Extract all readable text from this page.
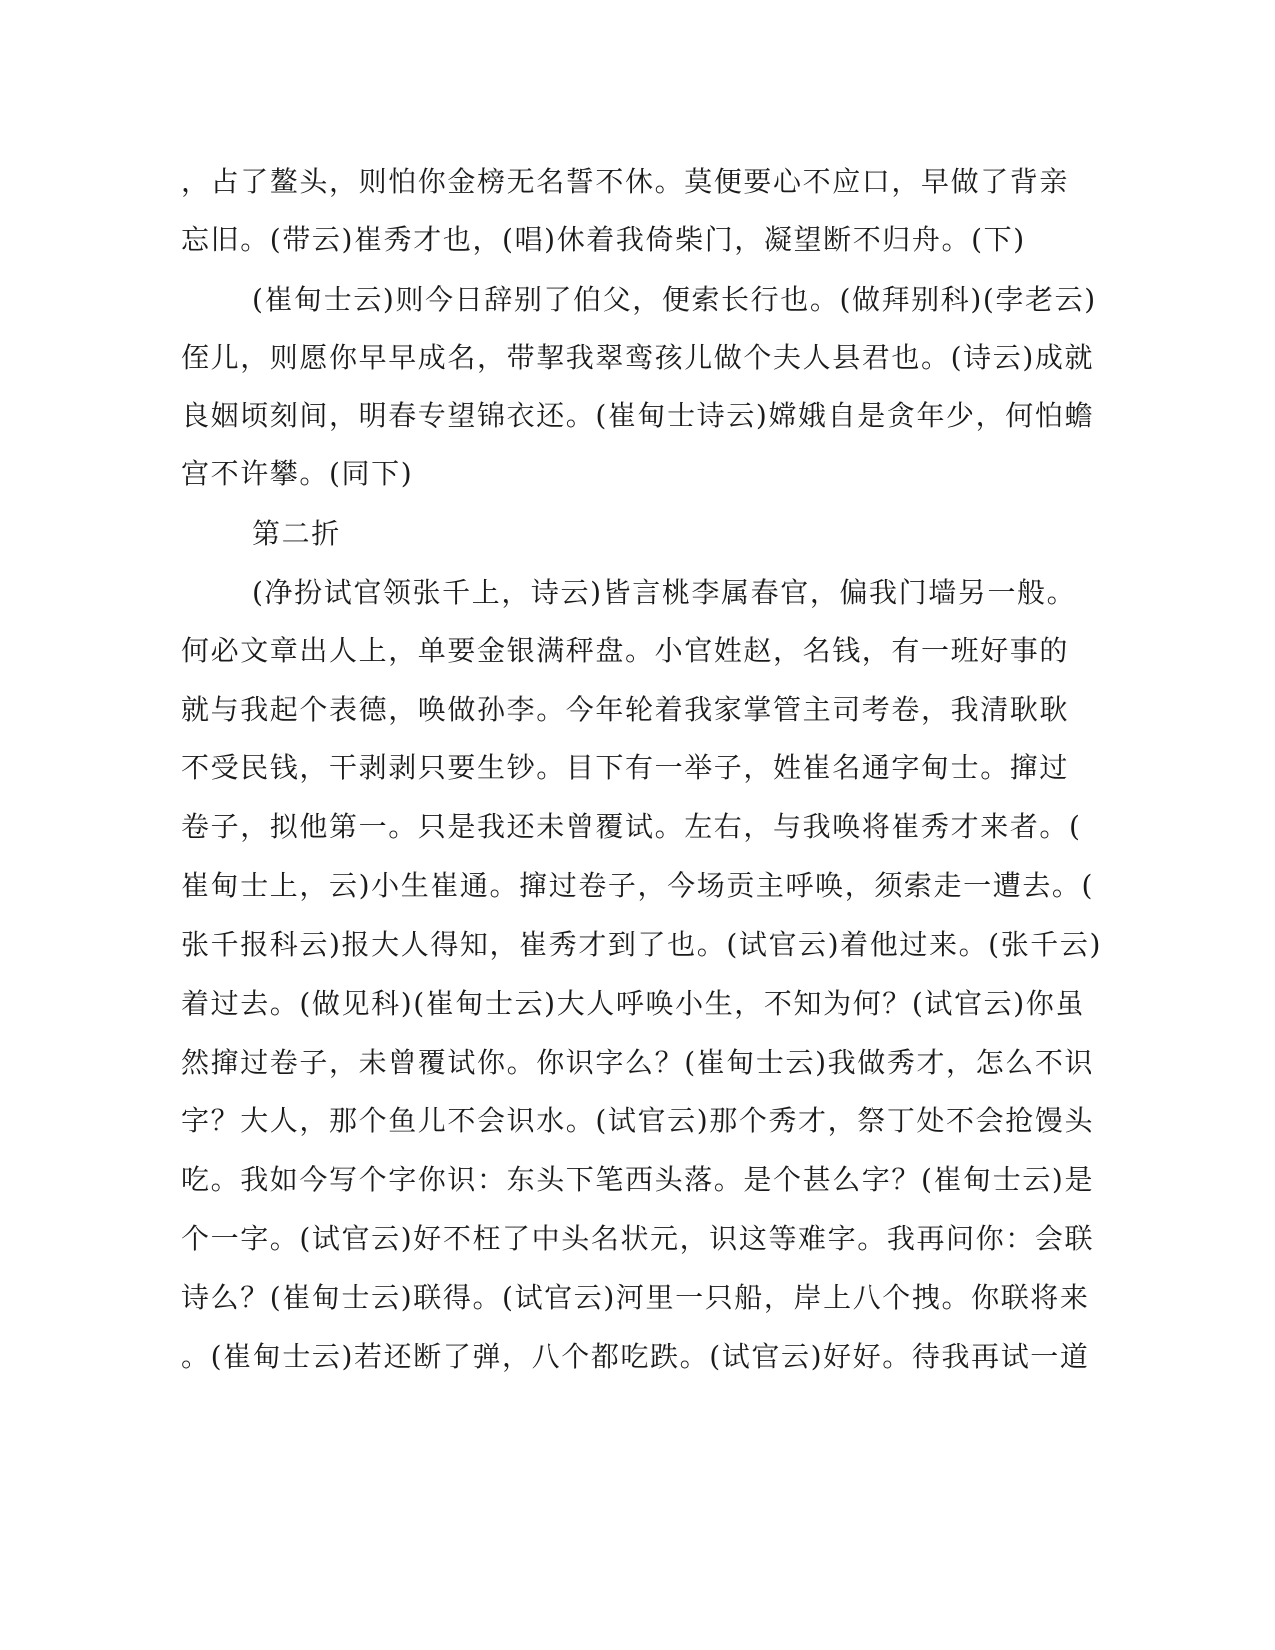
，占了鳌头，则怕你金榜无名誓不休。莫便要心不应口，早做了背亲
忘旧。(带云)崔秀才也，(唱)休着我倚柴门，凝望断不归舟。(下)
(崔甸士云)则今日辞别了伯父，便索长行也。(做拜别科)(孛老云)
侄儿，则愿你早早成名，带挈我翠鸾孩儿做个夫人县君也。(诗云)成就
良姻顷刻间，明春专望锦衣还。(崔甸士诗云)嫦娥自是贪年少，何怕蟾
宫不许攀。(同下)
第二折
(净扮试官领张千上，诗云)皆言桃李属春官，偏我门墙另一般。
何必文章出人上，单要金银满秤盘。小官姓赵，名钱，有一班好事的
就与我起个表德，唤做孙李。今年轮着我家掌管主司考卷，我清耿耿
不受民钱，干剥剥只要生钞。目下有一举子，姓崔名通字甸士。撺过
卷子，拟他第一。只是我还未曾覆试。左右，与我唤将崔秀才来者。(
崔甸士上，云)小生崔通。撺过卷子，今场贡主呼唤，须索走一遭去。(
张千报科云)报大人得知，崔秀才到了也。(试官云)着他过来。(张千云)
着过去。(做见科)(崔甸士云)大人呼唤小生，不知为何？(试官云)你虽
然撺过卷子，未曾覆试你。你识字么？(崔甸士云)我做秀才，怎么不识
字？大人，那个鱼儿不会识水。(试官云)那个秀才，祭丁处不会抢馒头
吃。我如今写个字你识：东头下笔西头落。是个甚么字？(崔甸士云)是
个一字。(试官云)好不枉了中头名状元，识这等难字。我再问你：会联
诗么？(崔甸士云)联得。(试官云)河里一只船，岸上八个拽。你联将来
。(崔甸士云)若还断了弹，八个都吃跌。(试官云)好好。待我再试一道
